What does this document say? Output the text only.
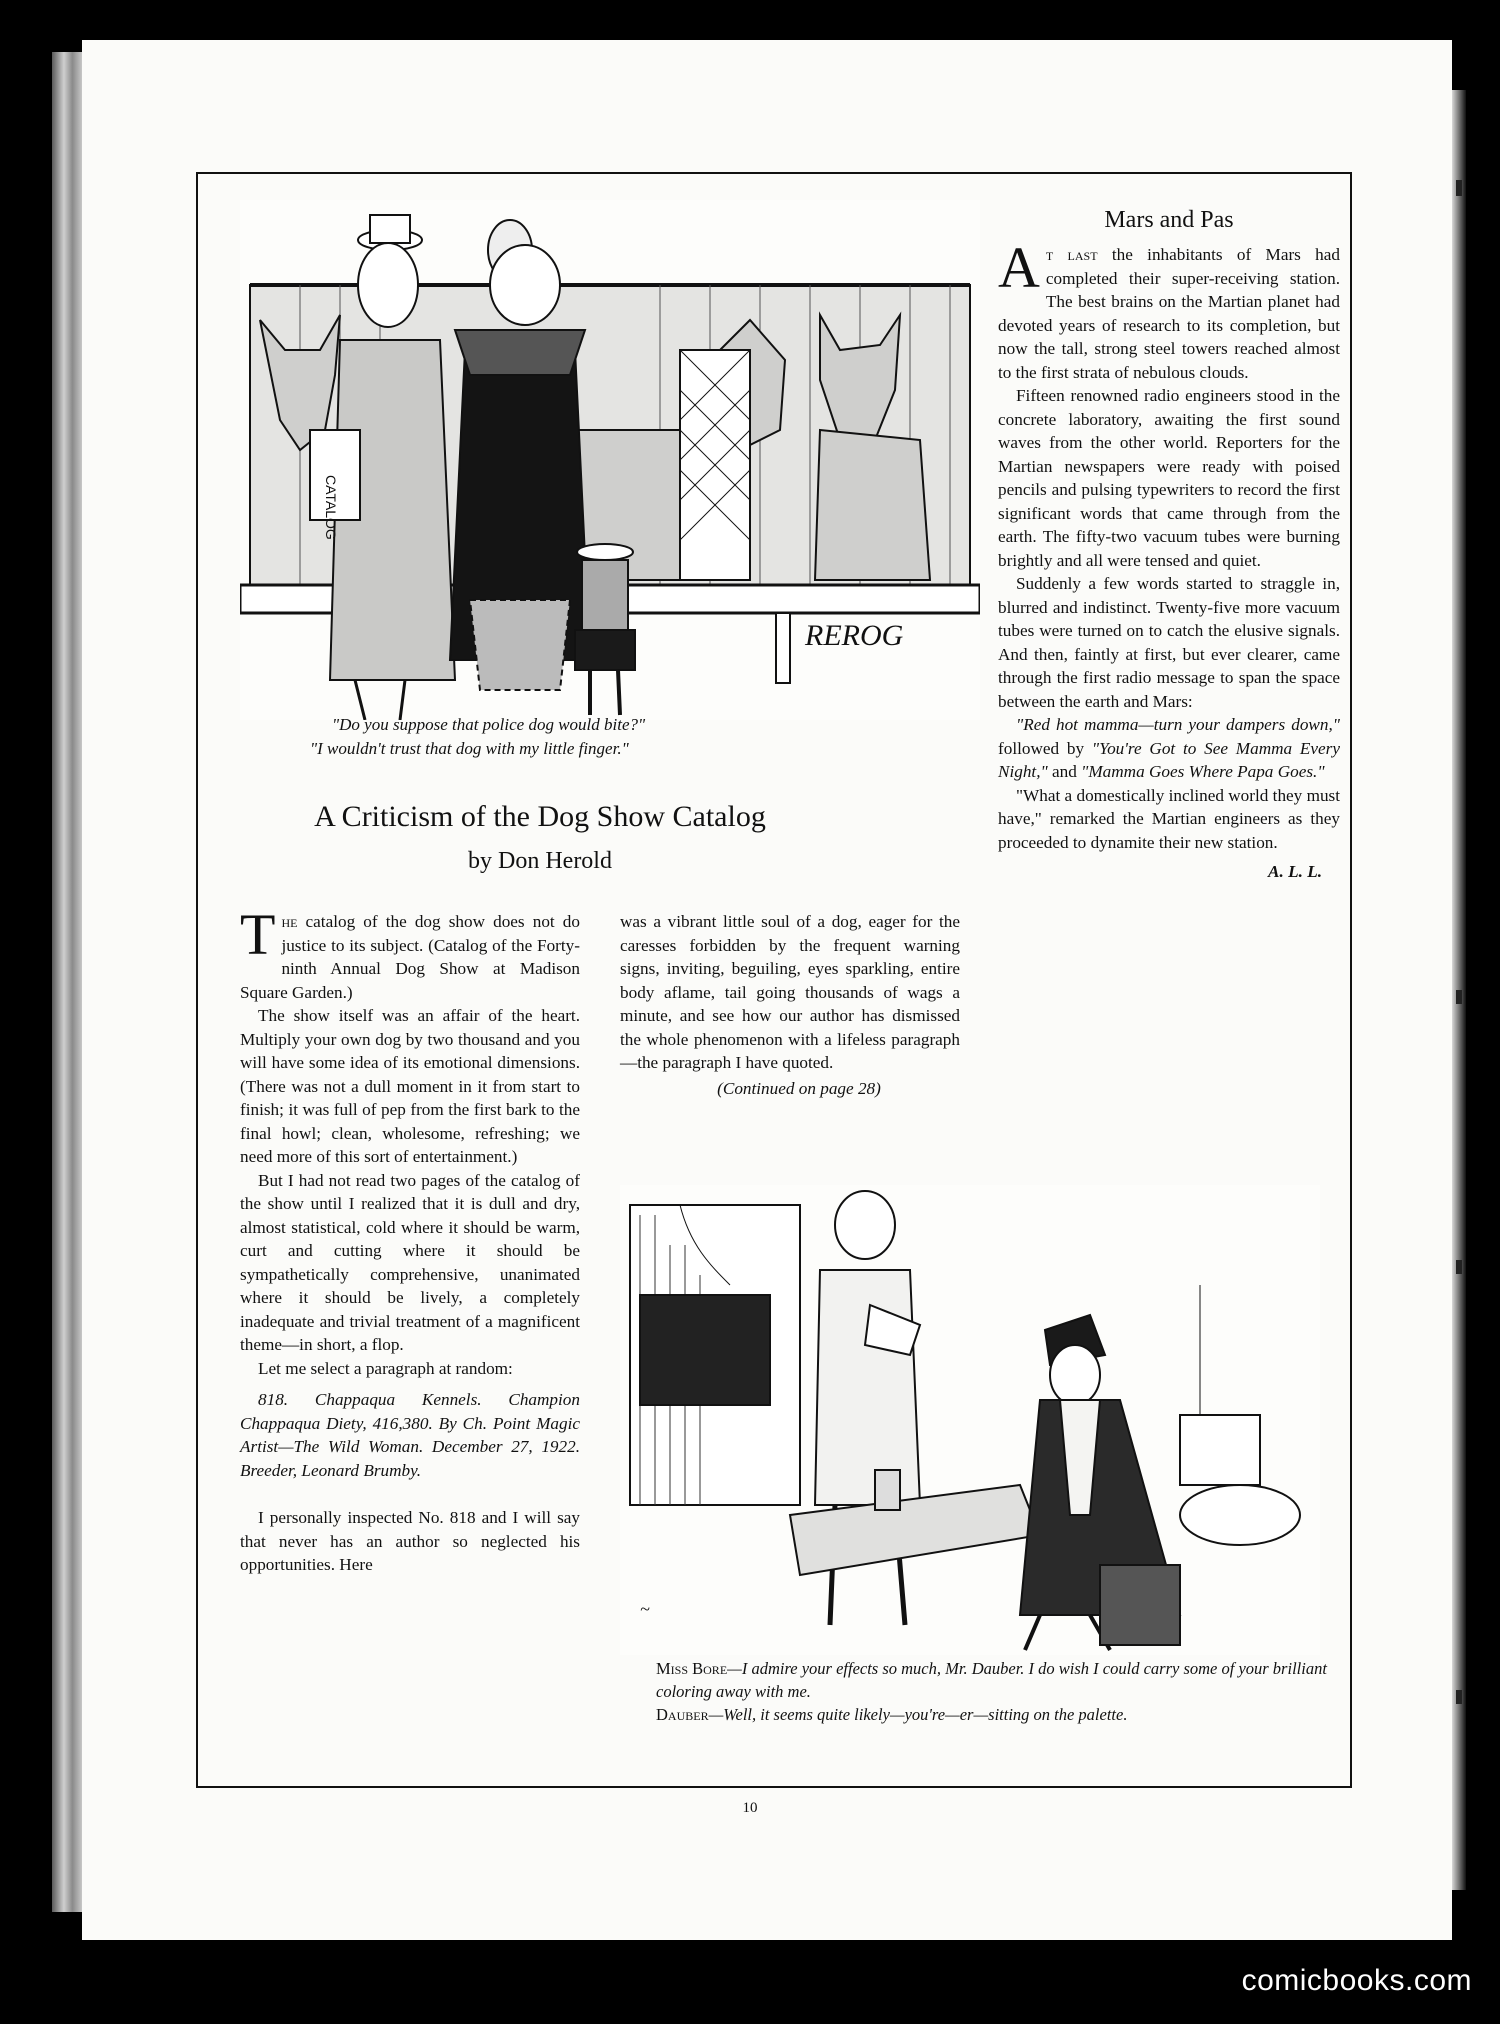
CATALOG
REROG
"Do you suppose that police dog would bite?"
"I wouldn't trust that dog with my little finger."
A Criticism of the Dog Show Catalog
by Don Herold

The catalog of the dog show does not do justice to its subject. (Catalog of the Forty-ninth Annual Dog Show at Madison Square Garden.)

The show itself was an affair of the heart. Multiply your own dog by two thousand and you will have some idea of its emotional dimensions. (There was not a dull moment in it from start to finish; it was full of pep from the first bark to the final howl; clean, wholesome, refreshing; we need more of this sort of entertainment.)

But I had not read two pages of the catalog of the show until I realized that it is dull and dry, almost statistical, cold where it should be warm, curt and cutting where it should be sympathetically comprehensive, unanimated where it should be lively, a completely inadequate and trivial treatment of a magnificent theme—in short, a flop.

Let me select a paragraph at random:

818. Chappaqua Kennels. Champion Chappaqua Diety, 416,380. By Ch. Point Magic Artist—The Wild Woman. December 27, 1922. Breeder, Leonard Brumby.

I personally inspected No. 818 and I will say that never has an author so neglected his opportunities. Here

was a vibrant little soul of a dog, eager for the caresses forbidden by the frequent warning signs, inviting, beguiling, eyes sparkling, entire body aflame, tail going thousands of wags a minute, and see how our author has dismissed the whole phenomenon with a lifeless paragraph—the paragraph I have quoted.

(Continued on page 28)

Mars and Pas

At last the inhabitants of Mars had completed their super-receiving station. The best brains on the Martian planet had devoted years of research to its completion, but now the tall, strong steel towers reached almost to the first strata of nebulous clouds.

Fifteen renowned radio engineers stood in the concrete laboratory, awaiting the first sound waves from the other world. Reporters for the Martian newspapers were ready with poised pencils and pulsing typewriters to record the first significant words that came through from the earth. The fifty-two vacuum tubes were burning brightly and all were tensed and quiet.

Suddenly a few words started to straggle in, blurred and indistinct. Twenty-five more vacuum tubes were turned on to catch the elusive signals. And then, faintly at first, but ever clearer, came through the first radio message to span the space between the earth and Mars:

"Red hot mamma—turn your dampers down," followed by "You're Got to See Mamma Every Night," and "Mamma Goes Where Papa Goes."

"What a domestically inclined world they must have," remarked the Martian engineers as they proceeded to dynamite their new station.

A. L. L.
~
Miss Bore—I admire your effects so much, Mr. Dauber. I do wish I could carry some of your brilliant coloring away with me.
Dauber—Well, it seems quite likely—you're—er—sitting on the palette.
10
comicbooks.com
